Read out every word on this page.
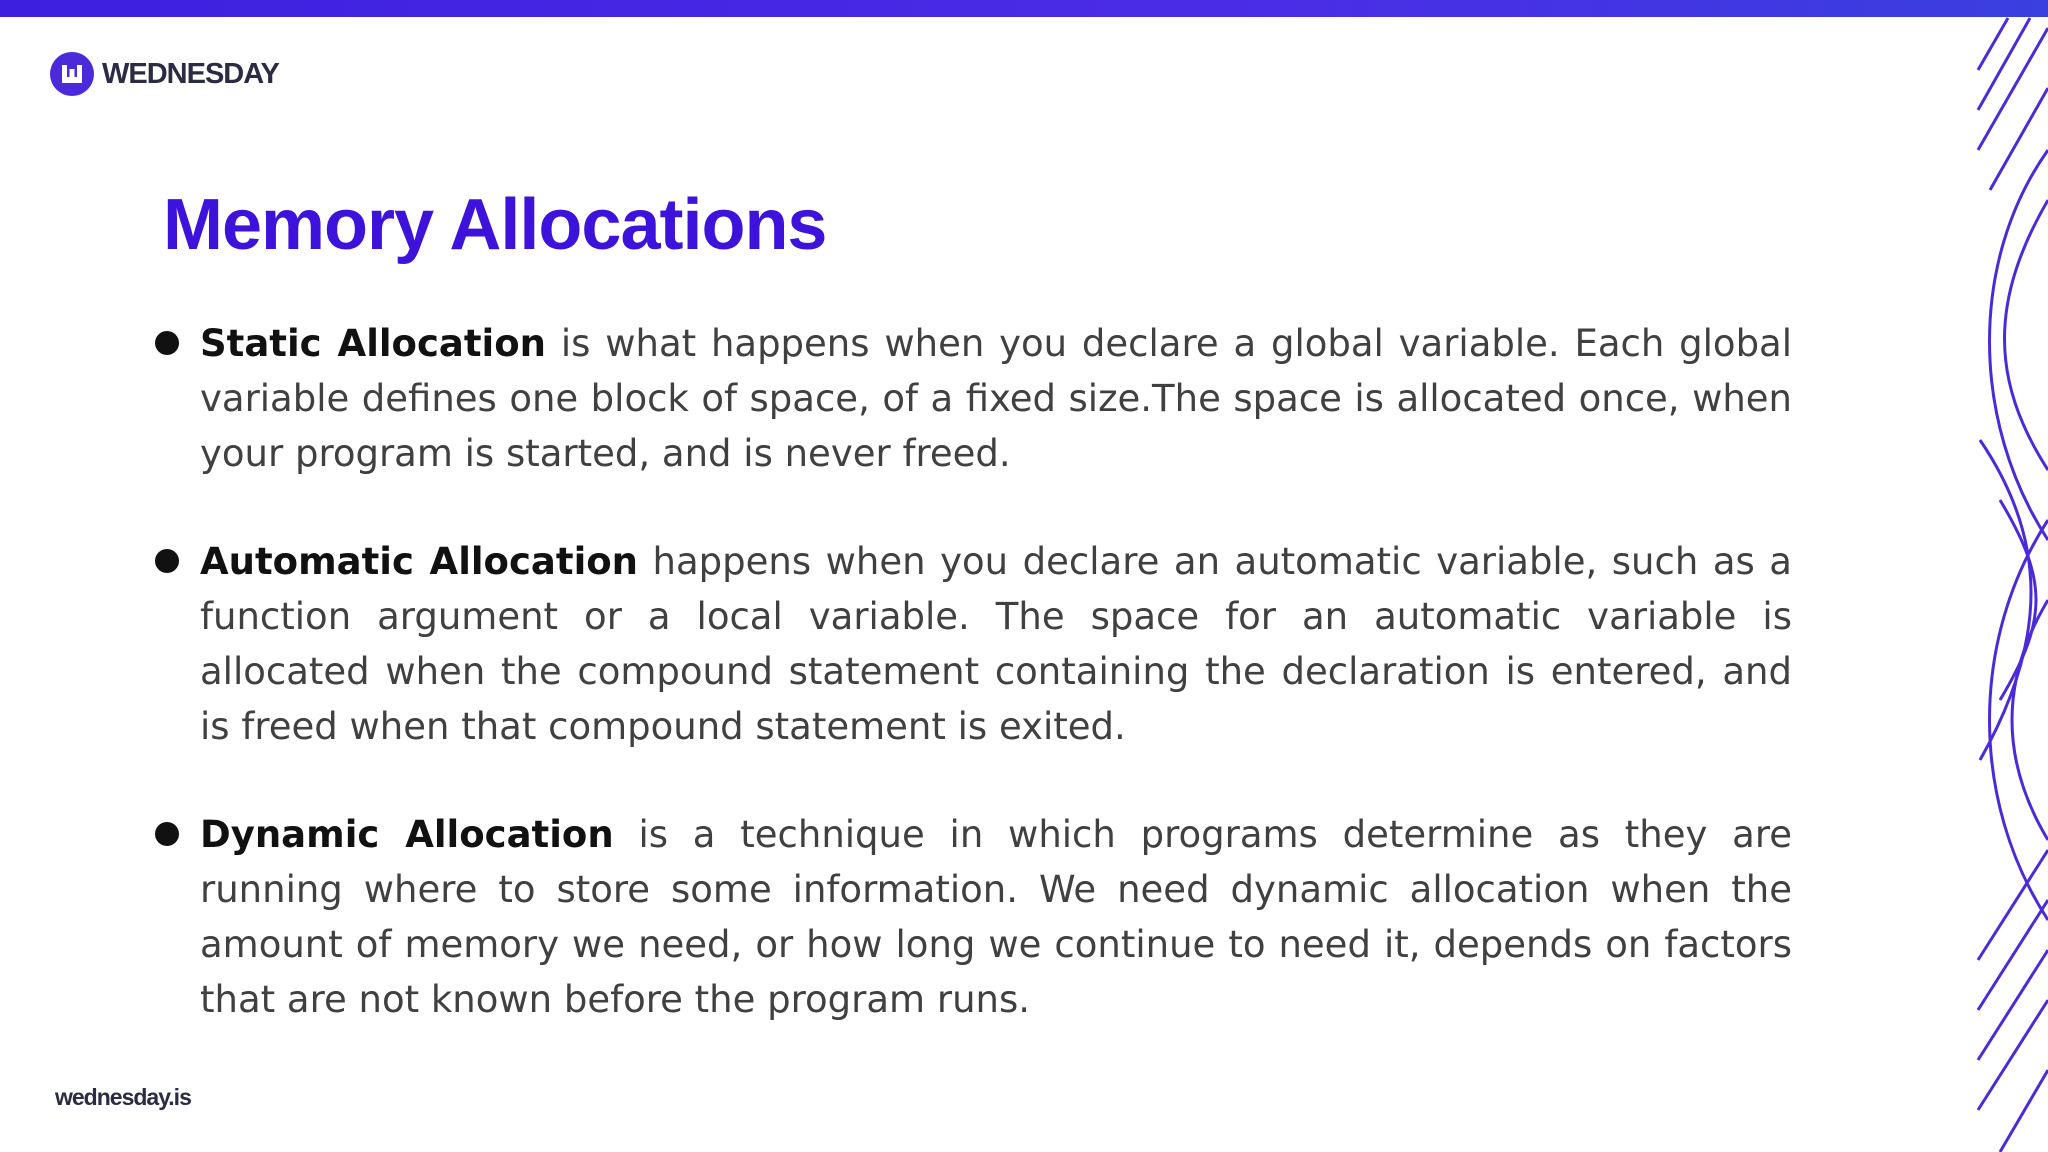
WEDNESDAY
Memory Allocations
Static Allocation is what happens when you declare a global variable. Each global variable defines one block of space, of a fixed size.The space is allocated once, when your program is started, and is never freed.
Automatic Allocation happens when you declare an automatic variable, such as a function argument or a local variable. The space for an automatic variable is allocated when the compound statement containing the declaration is entered, and is freed when that compound statement is exited.
Dynamic Allocation is a technique in which programs determine as they are running where to store some information. We need dynamic allocation when the amount of memory we need, or how long we continue to need it, depends on factors that are not known before the program runs.
wednesday.is
